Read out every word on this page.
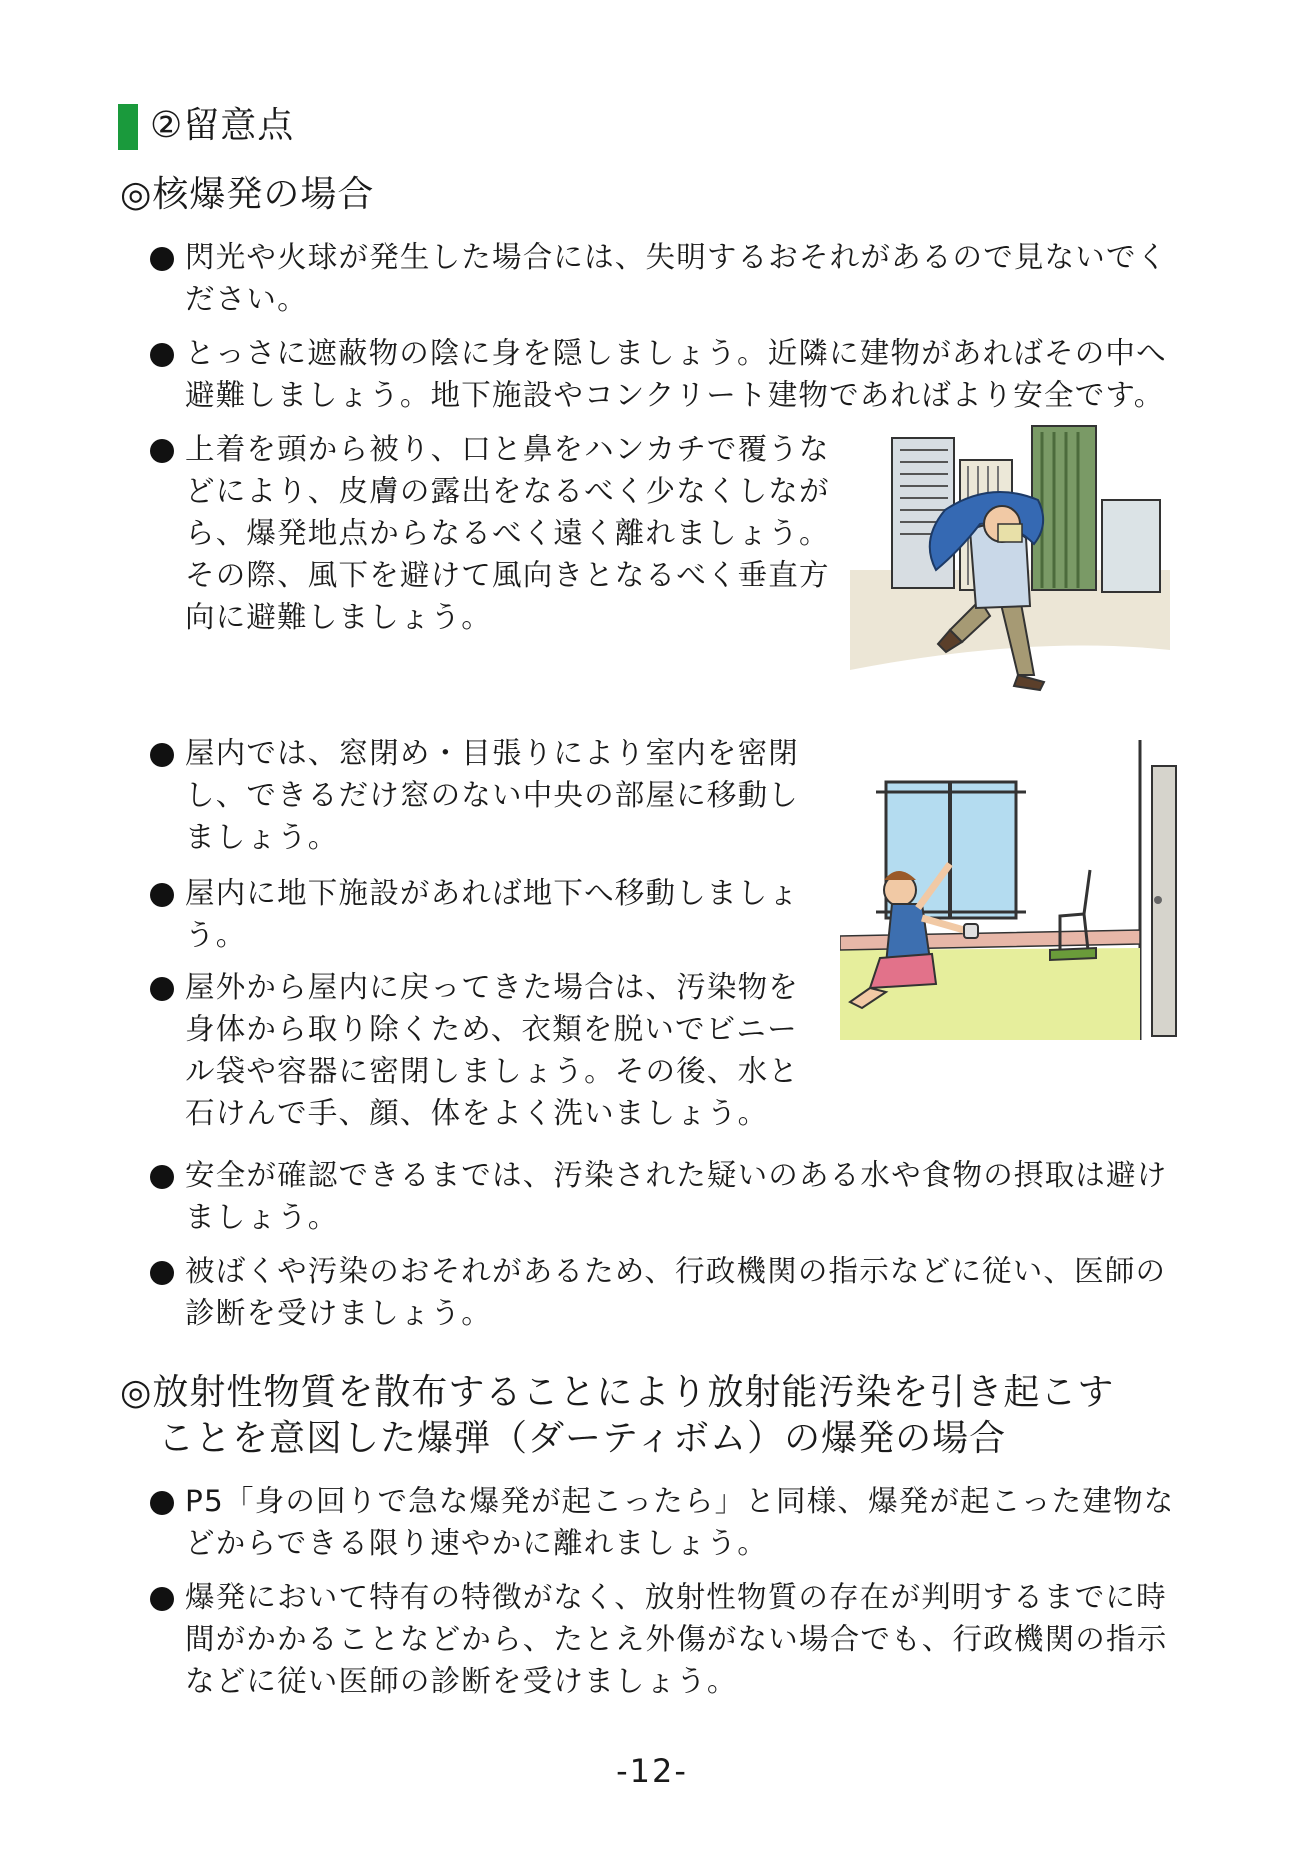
②留意点
◎核爆発の場合
閃光や火球が発生した場合には、失明するおそれがあるので見ないでください。
とっさに遮蔽物の陰に身を隠しましょう。近隣に建物があればその中へ避難しましょう。地下施設やコンクリート建物であればより安全です。
上着を頭から被り、口と鼻をハンカチで覆うなどにより、皮膚の露出をなるべく少なくしながら、爆発地点からなるべく遠く離れましょう。その際、風下を避けて風向きとなるべく垂直方向に避難しましょう。
屋内では、窓閉め・目張りにより室内を密閉し、できるだけ窓のない中央の部屋に移動しましょう。
屋内に地下施設があれば地下へ移動しましょう。
屋外から屋内に戻ってきた場合は、汚染物を身体から取り除くため、衣類を脱いでビニール袋や容器に密閉しましょう。その後、水と石けんで手、顔、体をよく洗いましょう。
安全が確認できるまでは、汚染された疑いのある水や食物の摂取は避けましょう。
被ばくや汚染のおそれがあるため、行政機関の指示などに従い、医師の診断を受けましょう。
◎放射性物質を散布することにより放射能汚染を引き起こす
ことを意図した爆弾（ダーティボム）の爆発の場合
P5「身の回りで急な爆発が起こったら」と同様、爆発が起こった建物などからできる限り速やかに離れましょう。
爆発において特有の特徴がなく、放射性物質の存在が判明するまでに時間がかかることなどから、たとえ外傷がない場合でも、行政機関の指示などに従い医師の診断を受けましょう。
-12-
